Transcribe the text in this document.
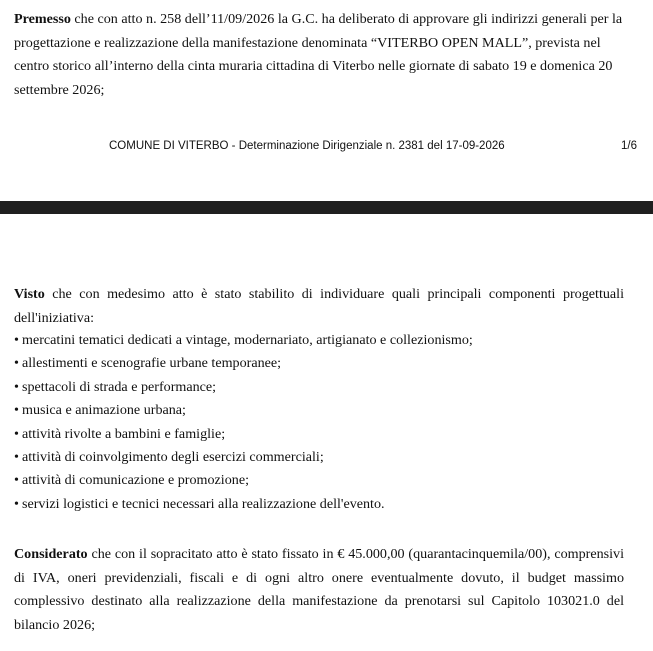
Premesso che con atto n. 258 dell’11/09/2026 la G.C. ha deliberato di approvare gli indirizzi generali per la progettazione e realizzazione della manifestazione denominata “VITERBO OPEN MALL”, prevista nel centro storico all’interno della cinta muraria cittadina di Viterbo nelle giornate di sabato 19 e domenica 20 settembre 2026;
COMUNE DI VITERBO - Determinazione Dirigenziale n. 2381 del 17-09-2026	1/6
Visto che con medesimo atto è stato stabilito di individuare quali principali componenti progettuali dell'iniziativa:
• mercatini tematici dedicati a vintage, modernariato, artigianato e collezionismo;
• allestimenti e scenografie urbane temporanee;
• spettacoli di strada e performance;
• musica e animazione urbana;
• attività rivolte a bambini e famiglie;
• attività di coinvolgimento degli esercizi commerciali;
• attività di comunicazione e promozione;
• servizi logistici e tecnici necessari alla realizzazione dell'evento.
Considerato che con il sopracitato atto è stato fissato in € 45.000,00 (quarantacinquemila/00), comprensivi di IVA, oneri previdenziali, fiscali e di ogni altro onere eventualmente dovuto, il budget massimo complessivo destinato alla realizzazione della manifestazione da prenotarsi sul Capitolo 103021.0 del bilancio 2026;
